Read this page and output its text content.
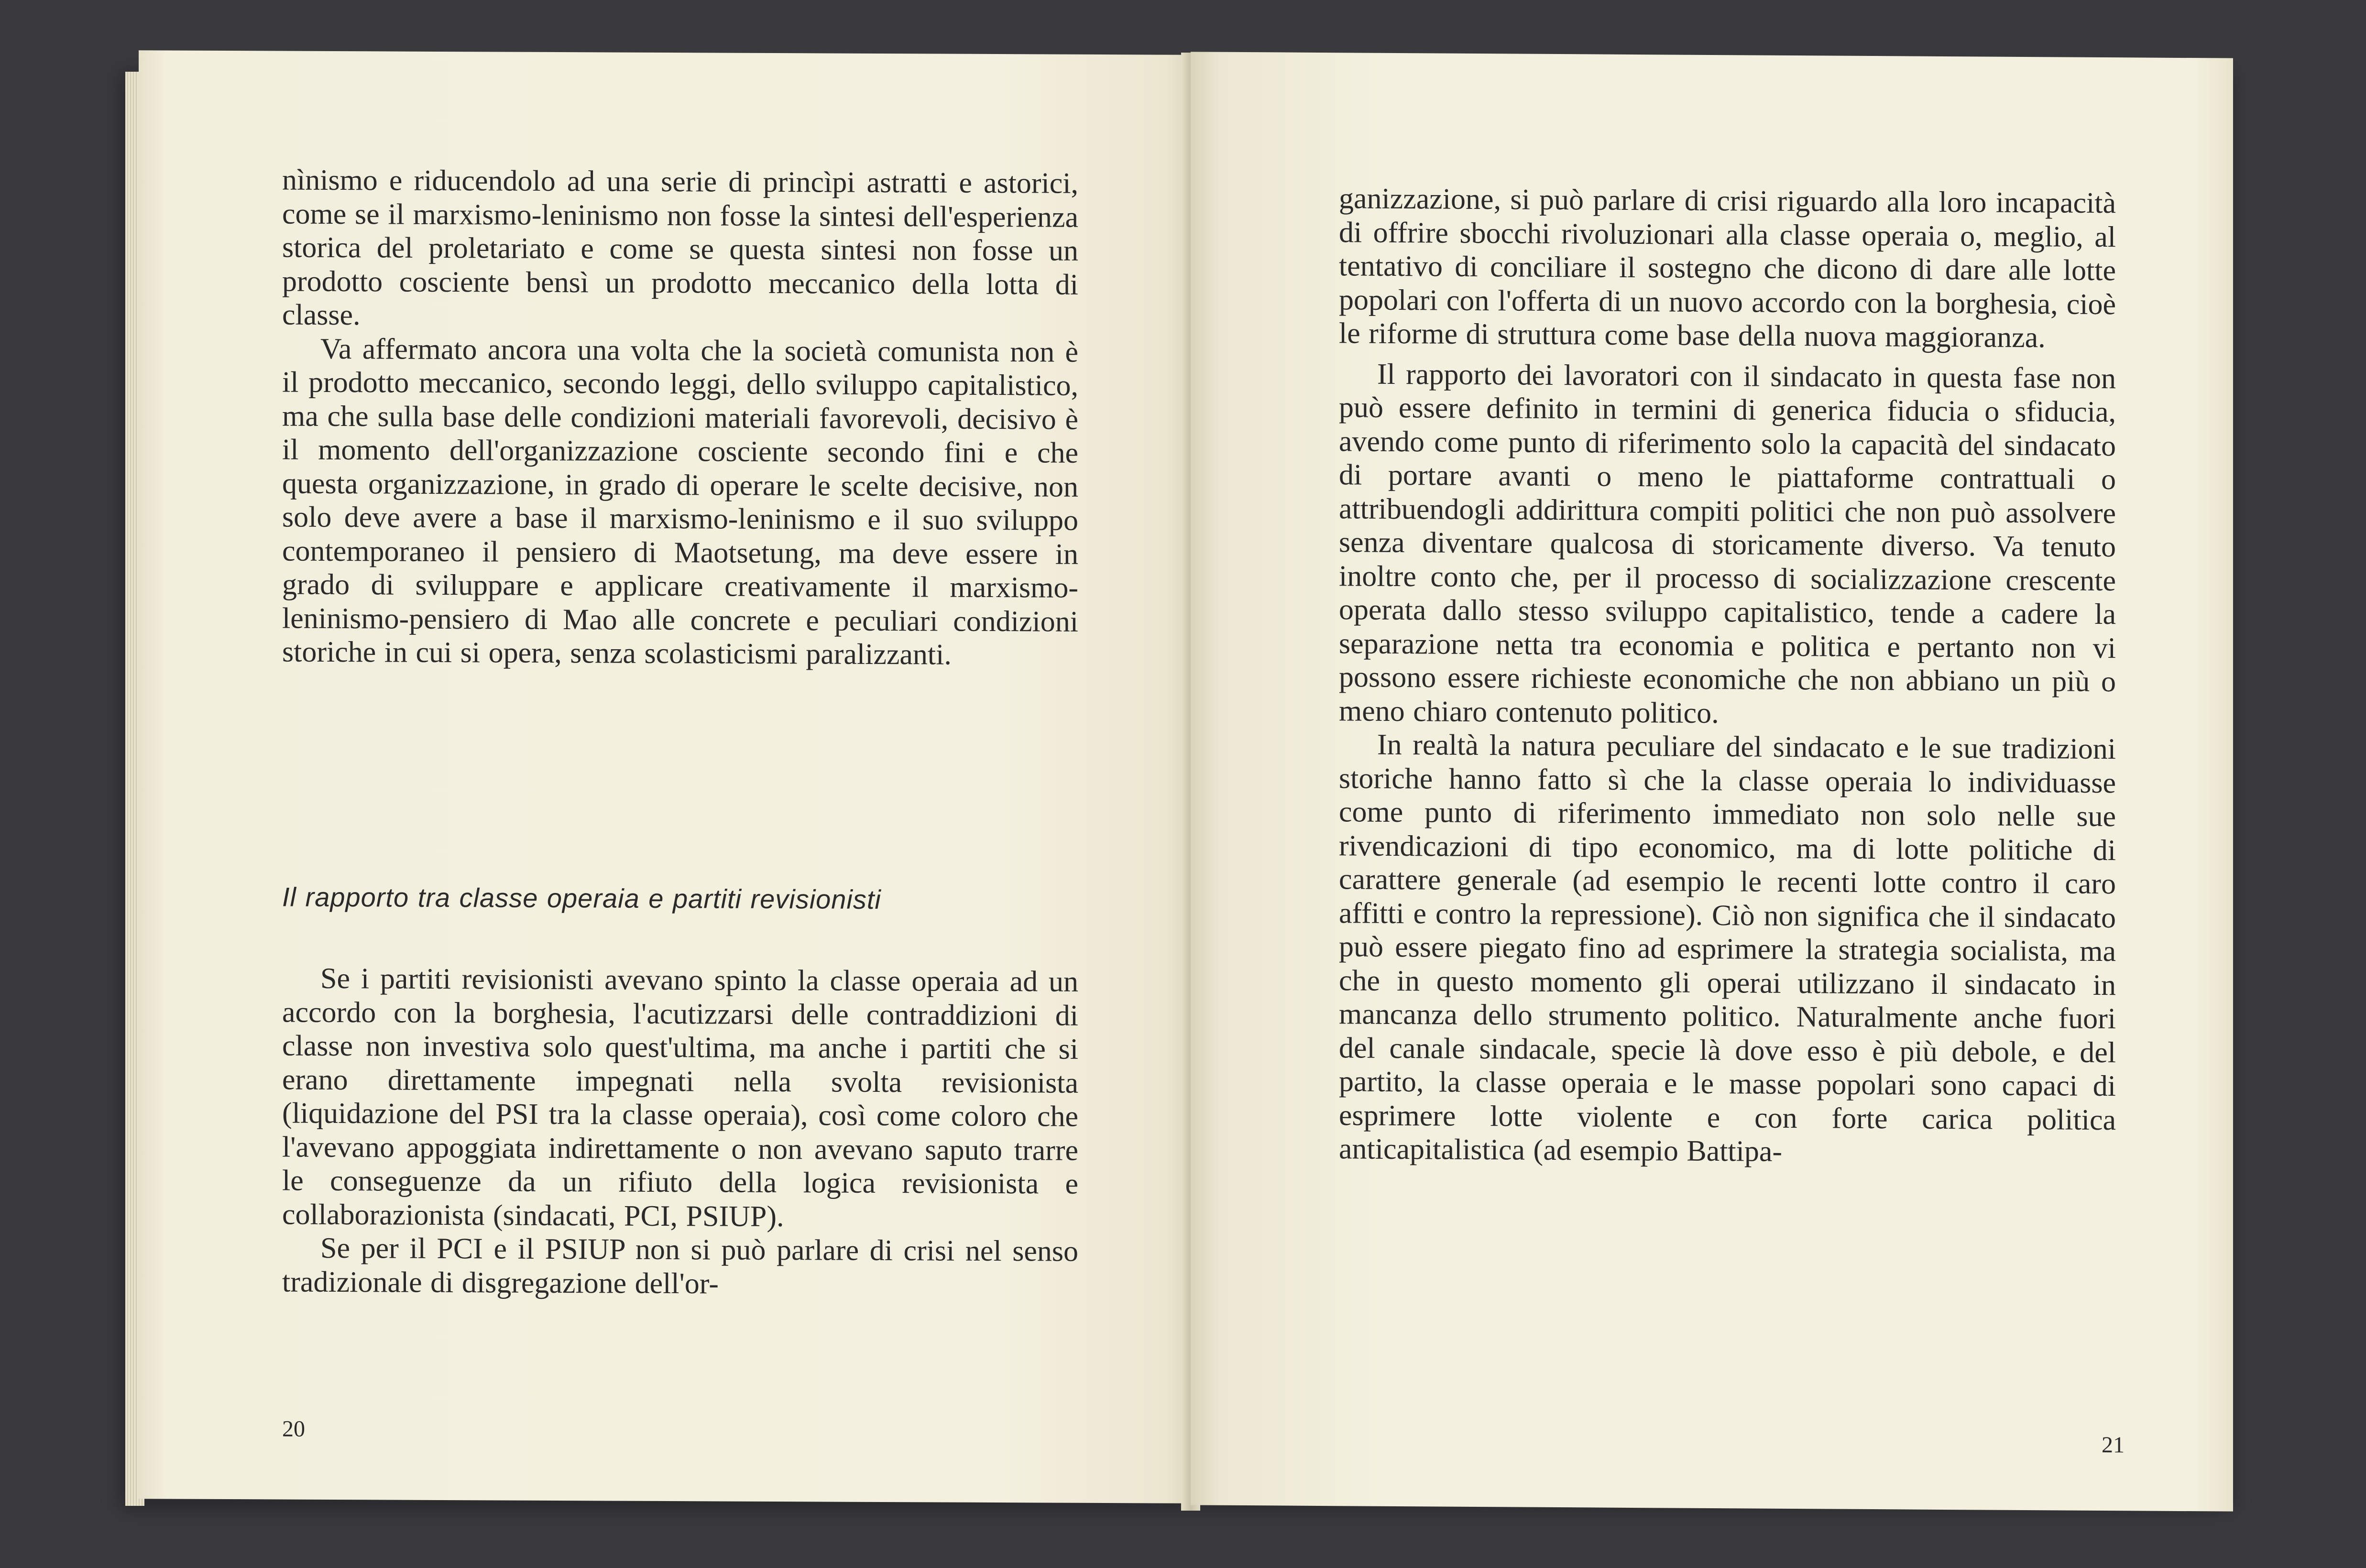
nìnismo e riducendolo ad una serie di princìpi astratti e astorici, come se il marxismo-leninismo non fosse la sintesi dell'esperienza storica del proletariato e come se questa sintesi non fosse un prodotto cosciente bensì un prodotto meccanico della lotta di classe.

Va affermato ancora una volta che la società comunista non è il prodotto meccanico, secondo leggi, dello sviluppo capitalistico, ma che sulla base delle condizioni materiali favorevoli, decisivo è il momento dell'organizzazione cosciente secondo fini e che questa organizzazione, in grado di operare le scelte decisive, non solo deve avere a base il marxismo-leninismo e il suo sviluppo contemporaneo il pensiero di Maotsetung, ma deve essere in grado di sviluppare e applicare creativamente il marxismo-leninismo-pensiero di Mao alle concrete e peculiari condizioni storiche in cui si opera, senza scolasticismi paralizzanti.

Il rapporto tra classe operaia e partiti revisionisti

Se i partiti revisionisti avevano spinto la classe operaia ad un accordo con la borghesia, l'acutizzarsi delle contraddizioni di classe non investiva solo quest'ultima, ma anche i partiti che si erano direttamente impegnati nella svolta revisionista (liquidazione del PSI tra la classe operaia), così come coloro che l'avevano appoggiata indirettamente o non avevano saputo trarre le conseguenze da un rifiuto della logica revisionista e collaborazionista (sindacati, PCI, PSIUP).

Se per il PCI e il PSIUP non si può parlare di crisi nel senso tradizionale di disgregazione dell'or-

20

ganizzazione, si può parlare di crisi riguardo alla loro incapacità di offrire sbocchi rivoluzionari alla classe operaia o, meglio, al tentativo di conciliare il sostegno che dicono di dare alle lotte popolari con l'offerta di un nuovo accordo con la borghesia, cioè le riforme di struttura come base della nuova maggioranza.

Il rapporto dei lavoratori con il sindacato in questa fase non può essere definito in termini di generica fiducia o sfiducia, avendo come punto di riferimento solo la capacità del sindacato di portare avanti o meno le piattaforme contrattuali o attribuendogli addirittura compiti politici che non può assolvere senza diventare qualcosa di storicamente diverso. Va tenuto inoltre conto che, per il processo di socializzazione crescente operata dallo stesso sviluppo capitalistico, tende a cadere la separazione netta tra economia e politica e pertanto non vi possono essere richieste economiche che non abbiano un più o meno chiaro contenuto politico.

In realtà la natura peculiare del sindacato e le sue tradizioni storiche hanno fatto sì che la classe operaia lo individuasse come punto di riferimento immediato non solo nelle sue rivendicazioni di tipo economico, ma di lotte politiche di carattere generale (ad esempio le recenti lotte contro il caro affitti e contro la repressione). Ciò non significa che il sindacato può essere piegato fino ad esprimere la strategia socialista, ma che in questo momento gli operai utilizzano il sindacato in mancanza dello strumento politico. Naturalmente anche fuori del canale sindacale, specie là dove esso è più debole, e del partito, la classe operaia e le masse popolari sono capaci di esprimere lotte violente e con forte carica politica anticapitalistica (ad esempio Battipa-

21
